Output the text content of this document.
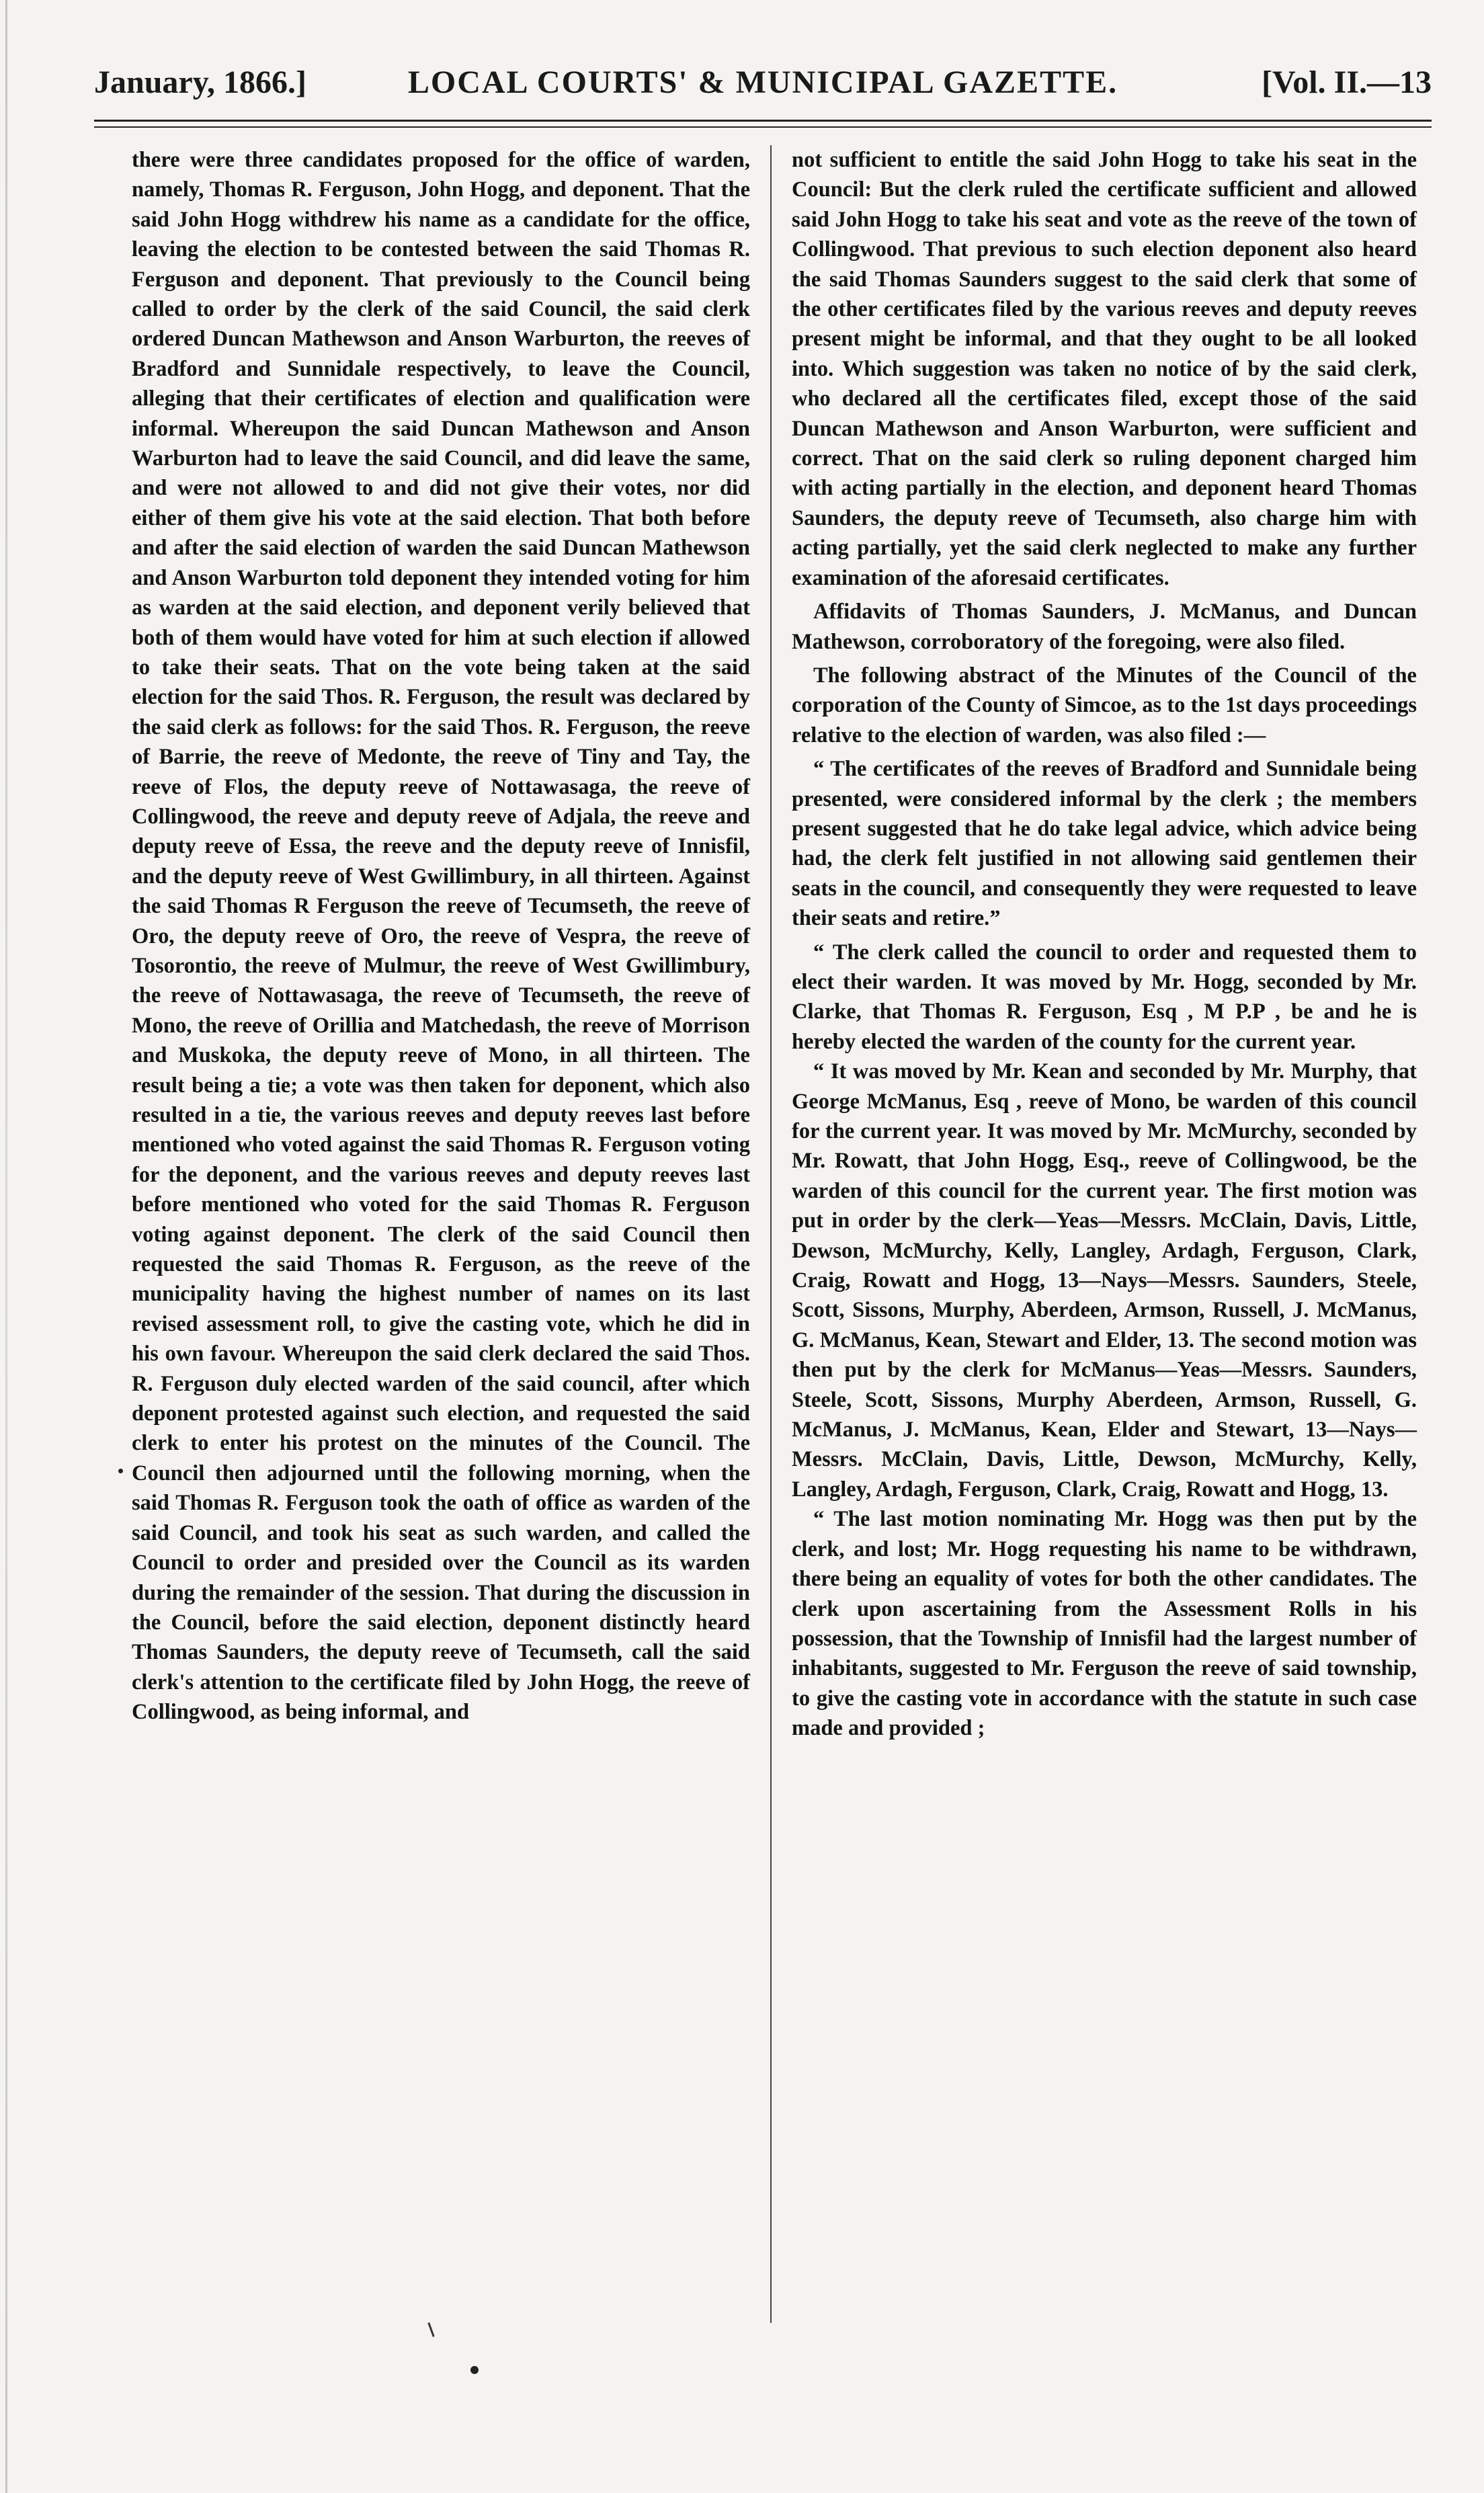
January, 1866.]	LOCAL COURTS' & MUNICIPAL GAZETTE.	[Vol. II.—13

there were three candidates proposed for the office of warden, namely, Thomas R. Ferguson, John Hogg, and deponent. That the said John Hogg withdrew his name as a candidate for the office, leaving the election to be contested between the said Thomas R. Ferguson and deponent. That previously to the Council being called to order by the clerk of the said Council, the said clerk ordered Duncan Mathewson and Anson Warburton, the reeves of Bradford and Sunnidale respectively, to leave the Council, alleging that their certificates of election and qualification were informal. Whereupon the said Duncan Mathewson and Anson Warburton had to leave the said Council, and did leave the same, and were not allowed to and did not give their votes, nor did either of them give his vote at the said election. That both before and after the said election of warden the said Duncan Mathewson and Anson Warburton told deponent they intended voting for him as warden at the said election, and deponent verily believed that both of them would have voted for him at such election if allowed to take their seats. That on the vote being taken at the said election for the said Thos. R. Ferguson, the result was declared by the said clerk as follows: for the said Thos. R. Ferguson, the reeve of Barrie, the reeve of Medonte, the reeve of Tiny and Tay, the reeve of Flos, the deputy reeve of Nottawasaga, the reeve of Collingwood, the reeve and deputy reeve of Adjala, the reeve and deputy reeve of Essa, the reeve and the deputy reeve of Innisfil, and the deputy reeve of West Gwillimbury, in all thirteen. Against the said Thomas R Ferguson the reeve of Tecumseth, the reeve of Oro, the deputy reeve of Oro, the reeve of Vespra, the reeve of Tosorontio, the reeve of Mulmur, the reeve of West Gwillimbury, the reeve of Nottawasaga, the reeve of Tecumseth, the reeve of Mono, the reeve of Orillia and Matchedash, the reeve of Morrison and Muskoka, the deputy reeve of Mono, in all thirteen. The result being a tie; a vote was then taken for deponent, which also resulted in a tie, the various reeves and deputy reeves last before mentioned who voted against the said Thomas R. Ferguson voting for the deponent, and the various reeves and deputy reeves last before mentioned who voted for the said Thomas R. Ferguson voting against deponent. The clerk of the said Council then requested the said Thomas R. Ferguson, as the reeve of the municipality having the highest number of names on its last revised assessment roll, to give the casting vote, which he did in his own favour. Whereupon the said clerk declared the said Thos. R. Ferguson duly elected warden of the said council, after which deponent protested against such election, and requested the said clerk to enter his protest on the minutes of the Council. The Council then adjourned until the following morning, when the said Thomas R. Ferguson took the oath of office as warden of the said Council, and took his seat as such warden, and called the Council to order and presided over the Council as its warden during the remainder of the session. That during the discussion in the Council, before the said election, deponent distinctly heard Thomas Saunders, the deputy reeve of Tecumseth, call the said clerk's attention to the certificate filed by John Hogg, the reeve of Collingwood, as being informal, and

not sufficient to entitle the said John Hogg to take his seat in the Council: But the clerk ruled the certificate sufficient and allowed said John Hogg to take his seat and vote as the reeve of the town of Collingwood. That previous to such election deponent also heard the said Thomas Saunders suggest to the said clerk that some of the other certificates filed by the various reeves and deputy reeves present might be informal, and that they ought to be all looked into. Which suggestion was taken no notice of by the said clerk, who declared all the certificates filed, except those of the said Duncan Mathewson and Anson Warburton, were sufficient and correct. That on the said clerk so ruling deponent charged him with acting partially in the election, and deponent heard Thomas Saunders, the deputy reeve of Tecumseth, also charge him with acting partially, yet the said clerk neglected to make any further examination of the aforesaid certificates.

Affidavits of Thomas Saunders, J. McManus, and Duncan Mathewson, corroboratory of the foregoing, were also filed.

The following abstract of the Minutes of the Council of the corporation of the County of Simcoe, as to the 1st days proceedings relative to the election of warden, was also filed :—

“ The certificates of the reeves of Bradford and Sunnidale being presented, were considered informal by the clerk ; the members present suggested that he do take legal advice, which advice being had, the clerk felt justified in not allowing said gentlemen their seats in the council, and consequently they were requested to leave their seats and retire.”

“ The clerk called the council to order and requested them to elect their warden. It was moved by Mr. Hogg, seconded by Mr. Clarke, that Thomas R. Ferguson, Esq , M P.P , be and he is hereby elected the warden of the county for the current year.

“ It was moved by Mr. Kean and seconded by Mr. Murphy, that George McManus, Esq , reeve of Mono, be warden of this council for the current year. It was moved by Mr. McMurchy, seconded by Mr. Rowatt, that John Hogg, Esq., reeve of Collingwood, be the warden of this council for the current year. The first motion was put in order by the clerk—Yeas—Messrs. McClain, Davis, Little, Dewson, McMurchy, Kelly, Langley, Ardagh, Ferguson, Clark, Craig, Rowatt and Hogg, 13—Nays—Messrs. Saunders, Steele, Scott, Sissons, Murphy, Aberdeen, Armson, Russell, J. McManus, G. McManus, Kean, Stewart and Elder, 13. The second motion was then put by the clerk for McManus—Yeas—Messrs. Saunders, Steele, Scott, Sissons, Murphy Aberdeen, Armson, Russell, G. McManus, J. McManus, Kean, Elder and Stewart, 13—Nays—Messrs. McClain, Davis, Little, Dewson, McMurchy, Kelly, Langley, Ardagh, Ferguson, Clark, Craig, Rowatt and Hogg, 13.

“ The last motion nominating Mr. Hogg was then put by the clerk, and lost; Mr. Hogg requesting his name to be withdrawn, there being an equality of votes for both the other candidates. The clerk upon ascertaining from the Assessment Rolls in his possession, that the Township of Innisfil had the largest number of inhabitants, suggested to Mr. Ferguson the reeve of said township, to give the casting vote in accordance with the statute in such case made and provided ;
